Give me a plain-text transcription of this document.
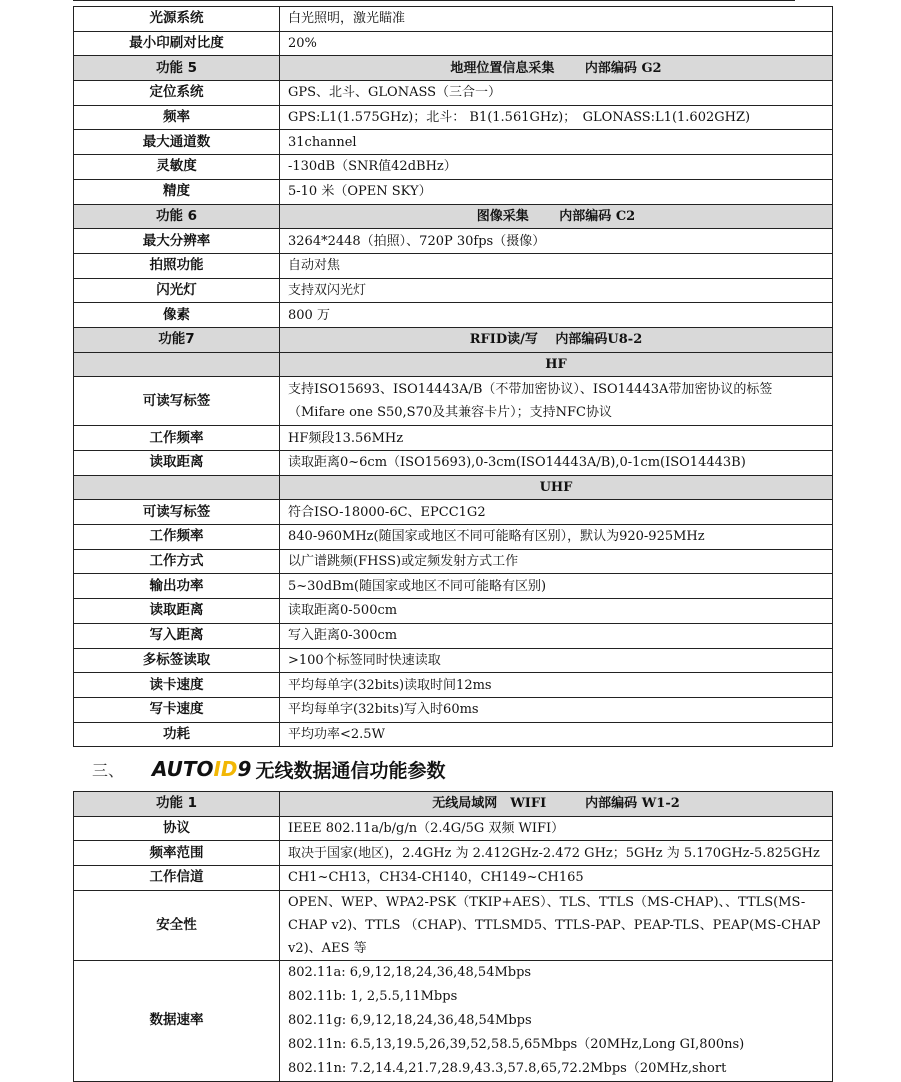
光源系统	白光照明，激光瞄准
最小印刷对比度	20%
功能 5	地理位置信息采集　　 内部编码 G2
定位系统	GPS、北斗、GLONASS（三合一）
频率	GPS:L1(1.575GHz)；北斗： B1(1.561GHz)；　GLONASS:L1(1.602GHZ)
最大通道数	31channel
灵敏度	-130dB（SNR值42dBHz）
精度	5-10 米（OPEN SKY）
功能 6	图像采集　　 内部编码 C2
最大分辨率	3264*2448（拍照）、720P 30fps（摄像）
拍照功能	自动对焦
闪光灯	支持双闪光灯
像素	800 万
功能7	RFID读/写　 内部编码U8-2
	HF
可读写标签	支持ISO15693、ISO14443A/B（不带加密协议）、ISO14443A带加密协议的标签（Mifare one S50,S70及其兼容卡片）；支持NFC协议
工作频率	HF频段13.56MHz
读取距离	读取距离0~6cm（ISO15693),0-3cm(ISO14443A/B),0-1cm(ISO14443B)
	UHF
可读写标签	符合ISO-18000-6C、EPCC1G2
工作频率	840-960MHz(随国家或地区不同可能略有区别），默认为920-925MHz
工作方式	以广谱跳频(FHSS)或定频发射方式工作
输出功率	5~30dBm(随国家或地区不同可能略有区别)
读取距离	读取距离0-500cm
写入距离	写入距离0-300cm
多标签读取	>100个标签同时快速读取
读卡速度	平均每单字(32bits)读取时间12ms
写卡速度	平均每单字(32bits)写入时60ms
功耗	平均功率<2.5W
三、 AUTOID9 无线数据通信功能参数
功能 1	无线局域网　WIFI　　　内部编码 W1-2
协议	IEEE 802.11a/b/g/n（2.4G/5G 双频 WIFI）
频率范围	取决于国家(地区)，2.4GHz 为 2.412GHz-2.472 GHz；5GHz 为 5.170GHz-5.825GHz
工作信道	CH1~CH13，CH34-CH140，CH149~CH165
安全性	OPEN、WEP、WPA2-PSK（TKIP+AES）、TLS、TTLS（MS-CHAP)、、TTLS(MS-CHAP v2)、TTLS （CHAP)、TTLSMD5、TTLS-PAP、PEAP-TLS、PEAP(MS-CHAP v2)、AES 等
数据速率	802.11a: 6,9,12,18,24,36,48,54Mbps
802.11b: 1, 2,5.5,11Mbps
802.11g: 6,9,12,18,24,36,48,54Mbps
802.11n: 6.5,13,19.5,26,39,52,58.5,65Mbps（20MHz,Long GI,800ns)
802.11n: 7.2,14.4,21.7,28.9,43.3,57.8,65,72.2Mbps（20MHz,short
